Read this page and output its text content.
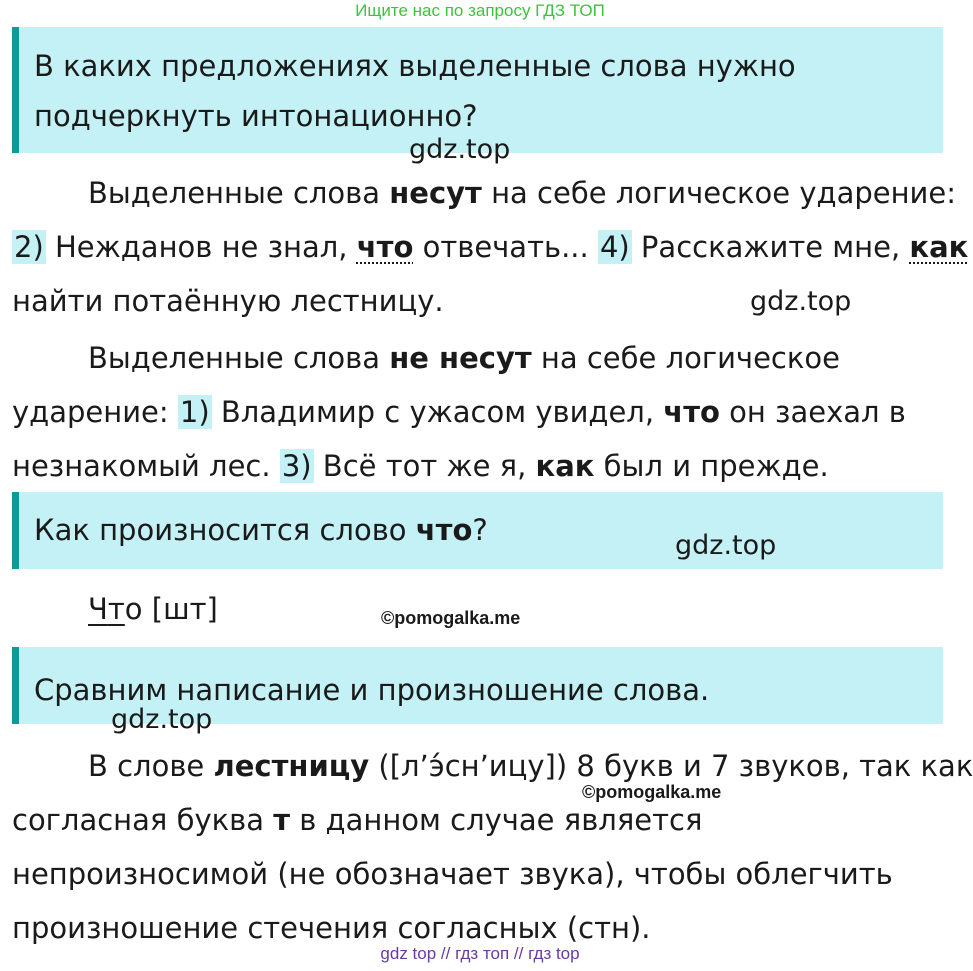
Ищите нас по запросу ГДЗ ТОП
В каких предложениях выделенные слова нужно
подчеркнуть интонационно?
Выделенные слова несут на себе логическое ударение:
2) Нежданов не знал, что отвечать... 4) Расскажите мне, как
найти потаённую лестницу.
Выделенные слова не несут на себе логическое
ударение: 1) Владимир с ужасом увидел, что он заехал в
незнакомый лес. 3) Всё тот же я, как был и прежде.
Как произносится слово что?
Что [шт]
Сравним написание и произношение слова.
В слове лестницу ([л’э́сн’ицу]) 8 букв и 7 звуков, так как
согласная буква т в данном случае является
непроизносимой (не обозначает звука), чтобы облегчить
произношение стечения согласных (стн).
gdz.top
gdz.top
gdz.top
gdz.top
©pomogalka.me
©pomogalka.me
gdz top // гдз топ // гдз top
